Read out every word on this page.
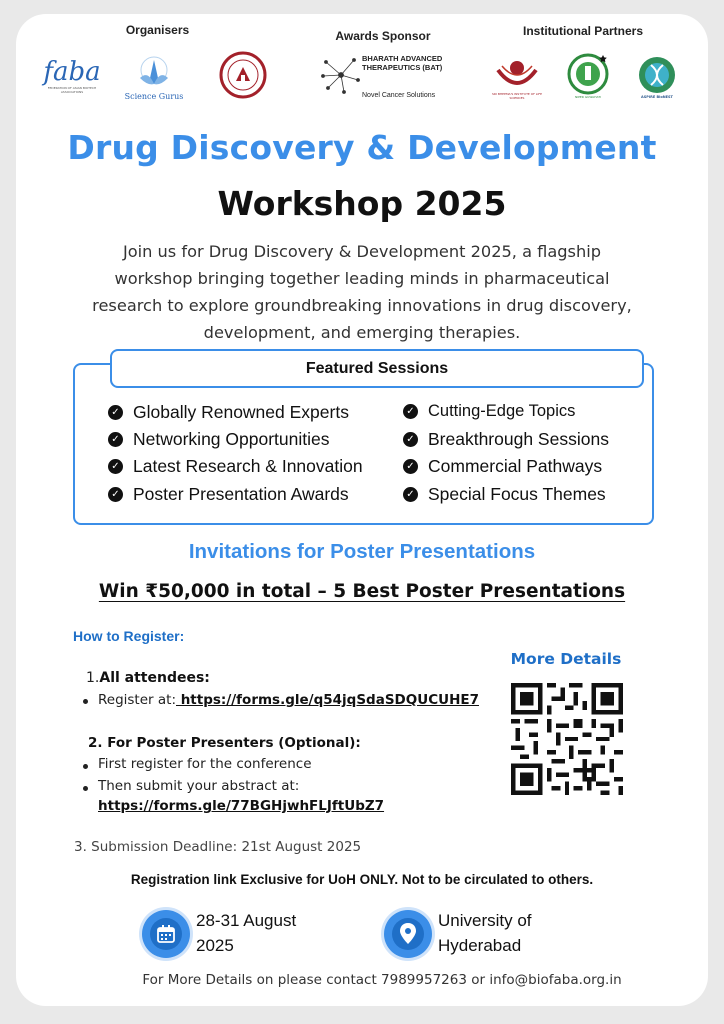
Organisers	Awards Sponsor	Institutional Partners
faba
FEDERATION OF ASIAN BIOTECH ASSOCIATIONS	Science Gurus
BHARATH ADVANCED THERAPEUTICS (BAT)
Novel Cancer Solutions	SRI BHEEMA'S INSTITUTE OF LIFE SCIENCES	NIPER GUWAHATI	ASPIRE BioNEST
Drug Discovery & Development
Workshop 2025
Join us for Drug Discovery & Development 2025, a flagship workshop bringing together leading minds in pharmaceutical research to explore groundbreaking innovations in drug discovery, development, and emerging therapies.
Featured Sessions
✓ Globally Renowned Experts
✓ Networking Opportunities
✓ Latest Research & Innovation
✓ Poster Presentation Awards
✓ Cutting-Edge Topics
✓ Breakthrough Sessions
✓ Commercial Pathways
✓ Special Focus Themes
Invitations for Poster Presentations
Win ₹50,000 in total – 5 Best Poster Presentations
How to Register:
1.All attendees:
Register at: https://forms.gle/q54jqSdaSDQUCUHE7
2. For Poster Presenters (Optional):
First register for the conference
Then submit your abstract at:
https://forms.gle/77BGHjwhFLJftUbZ7
3. Submission Deadline: 21st August 2025
More Details
Registration link Exclusive for UoH ONLY. Not to be circulated to others.
28-31 August
2025
University of
Hyderabad
For More Details on please contact 7989957263 or info@biofaba.org.in
